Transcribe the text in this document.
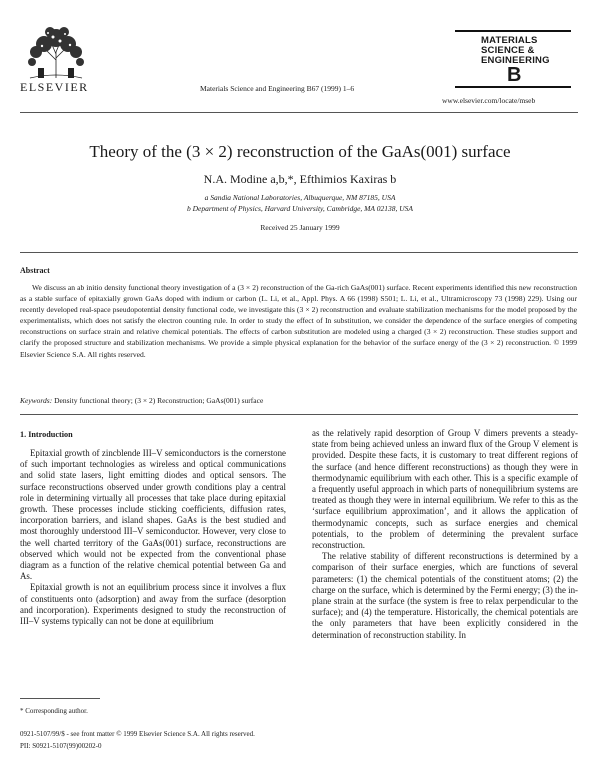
ELSEVIER	Materials Science and Engineering B67 (1999) 1–6
MATERIALS
SCIENCE &
ENGINEERING
B
www.elsevier.com/locate/mseb
Theory of the (3 × 2) reconstruction of the GaAs(001) surface
N.A. Modine a,b,*, Efthimios Kaxiras b
a Sandia National Laboratories, Albuquerque, NM 87185, USA
b Department of Physics, Harvard University, Cambridge, MA 02138, USA
Received 25 January 1999
Abstract

We discuss an ab initio density functional theory investigation of a (3 × 2) reconstruction of the Ga-rich GaAs(001) surface. Recent experiments identified this new reconstruction as a stable surface of epitaxially grown GaAs doped with indium or carbon (L. Li, et al., Appl. Phys. A 66 (1998) S501; L. Li, et al., Ultramicroscopy 73 (1998) 229). Using our recently developed real-space pseudopotential density functional code, we investigate this (3 × 2) reconstruction and evaluate stabilization mechanisms for the model proposed by the experimentalists, which does not satisfy the electron counting rule. In order to study the effect of In substitution, we consider the dependence of the surface energies of competing reconstructions on surface strain and relative chemical potentials. The effects of carbon substitution are modeled using a charged (3 × 2) reconstruction. These studies support and clarify the proposed structure and stabilization mechanisms. We provide a simple physical explanation for the behavior of the surface energy of the (3 × 2) reconstruction. © 1999 Elsevier Science S.A. All rights reserved.

Keywords: Density functional theory; (3 × 2) Reconstruction; GaAs(001) surface
1. Introduction

Epitaxial growth of zincblende III–V semiconductors is the cornerstone of such important technologies as wireless and optical communications and solid state lasers, light emitting diodes and optical sensors. The surface reconstructions observed under growth conditions play a central role in determining virtually all processes that take place during epitaxial growth. These processes include sticking coefficients, diffusion rates, incorporation barriers, and island shapes. GaAs is the best studied and most thoroughly understood III–V semiconductor. However, very close to the well charted territory of the GaAs(001) surface, reconstructions are observed which would not be expected from the conventional phase diagram as a function of the relative chemical potential between Ga and As.

Epitaxial growth is not an equilibrium process since it involves a flux of constituents onto (adsorption) and away from the surface (desorption and incorporation). Experiments designed to study the reconstruction of III–V systems typically can not be done at equilibrium

as the relatively rapid desorption of Group V dimers prevents a steady-state from being achieved unless an inward flux of the Group V element is provided. Despite these facts, it is customary to treat different regions of the surface (and hence different reconstructions) as though they were in thermodynamic equilibrium with each other. This is a specific example of a frequently useful approach in which parts of nonequilibrium systems are treated as though they were in internal equilibrium. We refer to this as the ‘surface equilibrium approximation’, and it allows the application of thermodynamic concepts, such as surface energies and chemical potentials, to the problem of determining the prevalent surface reconstruction.

The relative stability of different reconstructions is determined by a comparison of their surface energies, which are functions of several parameters: (1) the chemical potentials of the constituent atoms; (2) the charge on the surface, which is determined by the Fermi energy; (3) the in-plane strain at the surface (the system is free to relax perpendicular to the surface); and (4) the temperature. Historically, the chemical potentials are the only parameters that have been explicitly considered in the determination of reconstruction stability. In

* Corresponding author.
0921-5107/99/$ - see front matter © 1999 Elsevier Science S.A. All rights reserved.
PII: S0921-5107(99)00202-0
